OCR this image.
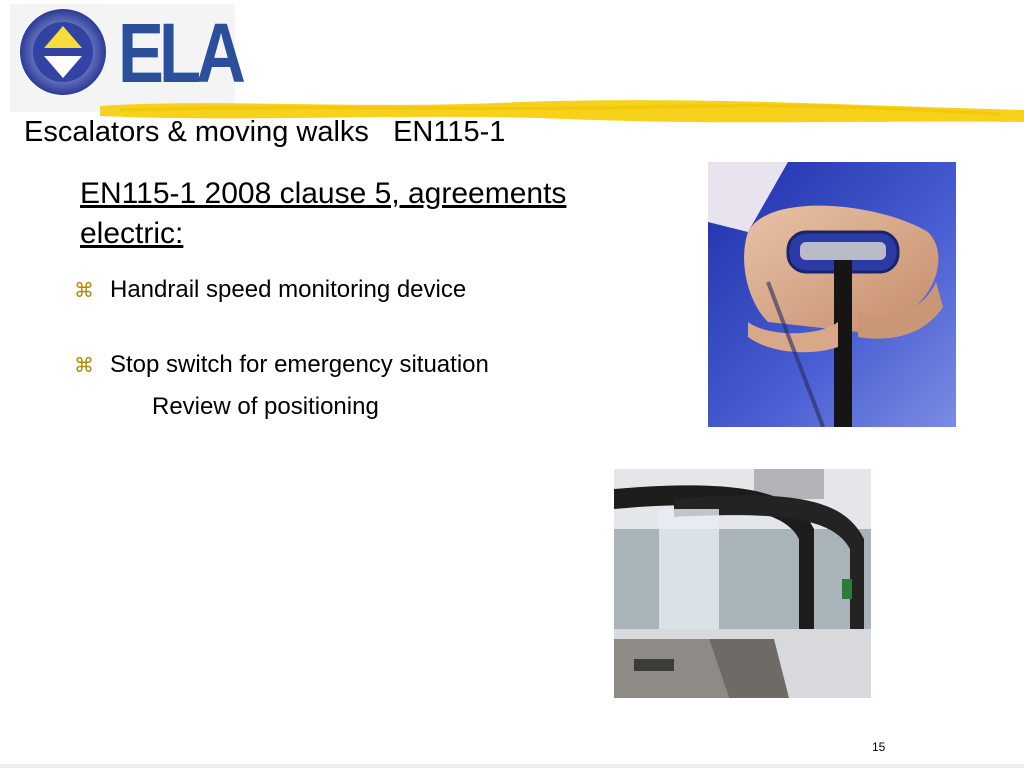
ELA
Escalators & moving walks   EN115-1
EN115-1 2008 clause 5, agreements electric:
⌘ Handrail speed monitoring device
⌘ Stop switch for emergency situation
Review of positioning
15
